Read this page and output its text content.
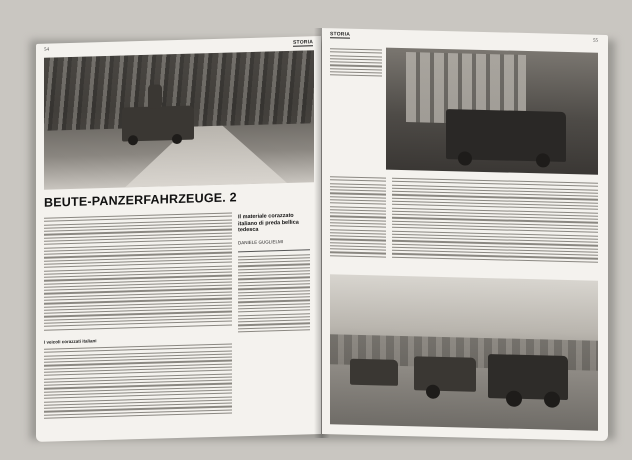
54
STORIA
BEUTE-PANZERFAHRZEUGE. 2
I veicoli corazzati italiani
Il materiale corazzato italiano di preda bellica tedesca
DANIELE GUGLIELMI
STORIA
55
